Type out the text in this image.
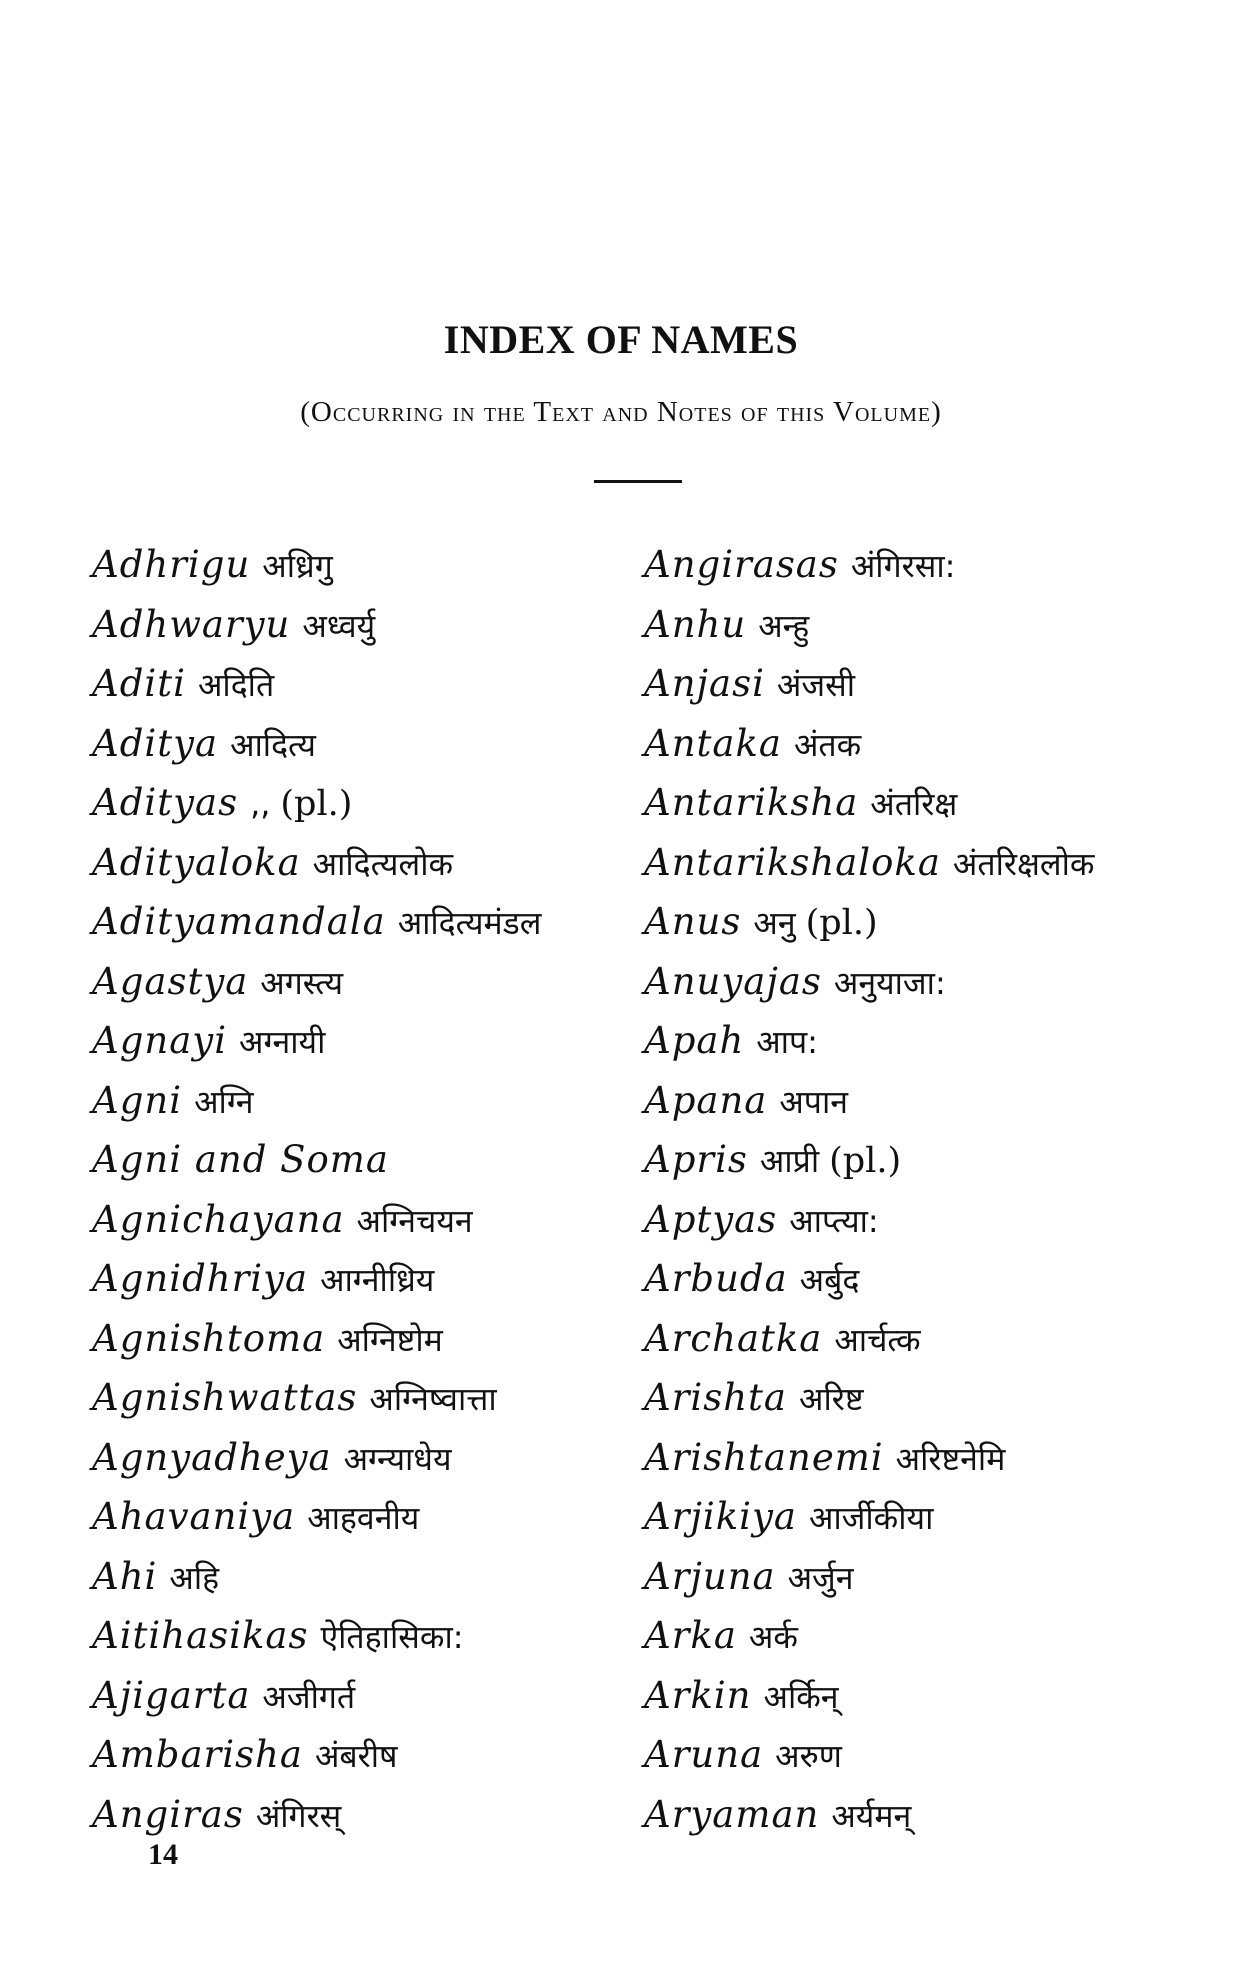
INDEX OF NAMES
(Occurring in the Text and Notes of this Volume)
Adhrigu अध्रिगु
Adhwaryu अध्वर्यु
Aditi अदिति
Aditya आदित्य
Adityas ,, (pl.)
Adityaloka आदित्यलोक
Adityamandala आदित्यमंडल
Agastya अगस्त्य
Agnayi अग्नायी
Agni अग्नि
Agni and Soma
Agnichayana अग्निचयन
Agnidhriya आग्नीध्रिय
Agnishtoma अग्निष्टोम
Agnishwattas अग्निष्वात्ता
Agnyadheya अग्न्याधेय
Ahavaniya आहवनीय
Ahi अहि
Aitihasikas ऐतिहासिका:
Ajigarta अजीगर्त
Ambarisha अंबरीष
Angiras अंगिरस्
Angirasas अंगिरसा:
Anhu अन्हु
Anjasi अंजसी
Antaka अंतक
Antariksha अंतरिक्ष
Antarikshaloka अंतरिक्षलोक
Anus अनु (pl.)
Anuyajas अनुयाजा:
Apah आप:
Apana अपान
Apris आप्री (pl.)
Aptyas आप्त्या:
Arbuda अर्बुद
Archatka आर्चत्क
Arishta अरिष्ट
Arishtanemi अरिष्टनेमि
Arjikiya आर्जीकीया
Arjuna अर्जुन
Arka अर्क
Arkin अर्किन्
Aruna अरुण
Aryaman अर्यमन्
14
